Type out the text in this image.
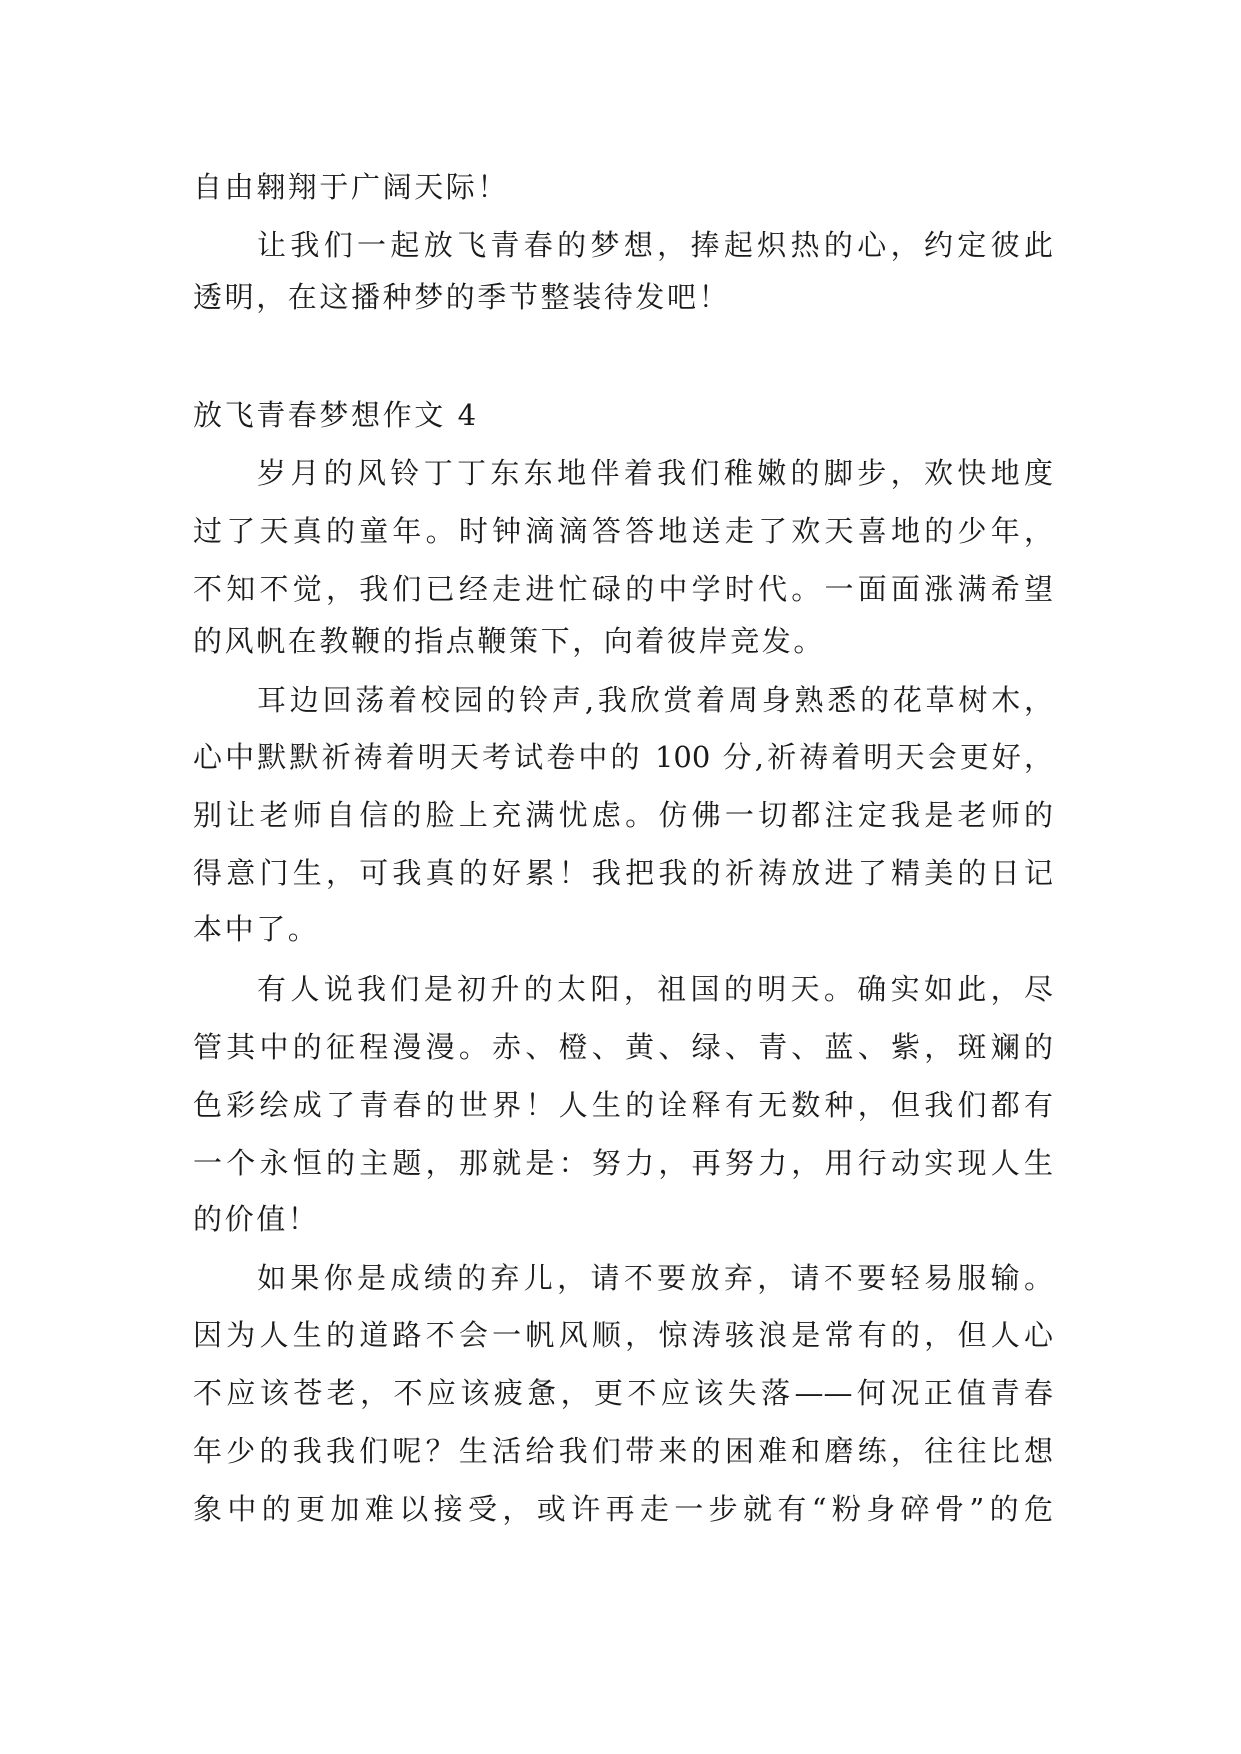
自由翱翔于广阔天际！

让我们一起放飞青春的梦想，捧起炽热的心，约定彼此

透明，在这播种梦的季节整装待发吧！

放飞青春梦想作文 4

岁月的风铃丁丁东东地伴着我们稚嫩的脚步，欢快地度

过了天真的童年。时钟滴滴答答地送走了欢天喜地的少年，

不知不觉，我们已经走进忙碌的中学时代。一面面涨满希望

的风帆在教鞭的指点鞭策下，向着彼岸竞发。

耳边回荡着校园的铃声,我欣赏着周身熟悉的花草树木，

心中默默祈祷着明天考试卷中的 100 分,祈祷着明天会更好，

别让老师自信的脸上充满忧虑。仿佛一切都注定我是老师的

得意门生，可我真的好累！我把我的祈祷放进了精美的日记

本中了。

有人说我们是初升的太阳，祖国的明天。确实如此，尽

管其中的征程漫漫。赤、橙、黄、绿、青、蓝、紫，斑斓的

色彩绘成了青春的世界！人生的诠释有无数种，但我们都有

一个永恒的主题，那就是：努力，再努力，用行动实现人生

的价值！

如果你是成绩的弃儿，请不要放弃，请不要轻易服输。

因为人生的道路不会一帆风顺，惊涛骇浪是常有的，但人心

不应该苍老，不应该疲惫，更不应该失落——何况正值青春

年少的我我们呢？生活给我们带来的困难和磨练，往往比想

象中的更加难以接受，或许再走一步就有“粉身碎骨”的危
